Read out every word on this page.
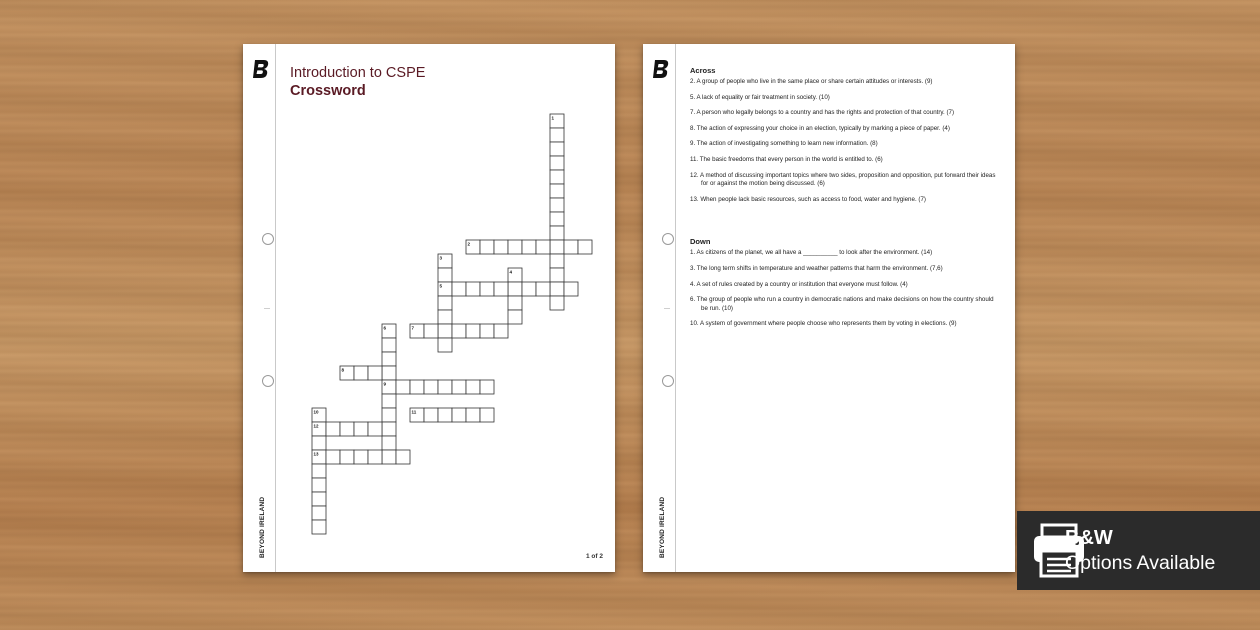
BEYOND IRELAND
Introduction to CSPE
Crossword
1
2
3
4
5
6	7
8
9
10	11
12
13
1 of 2	BEYOND IRELAND
Across
2. A group of people who live in the same place or share certain attitudes or interests. (9)
5. A lack of equality or fair treatment in society. (10)
7. A person who legally belongs to a country and has the rights and protection of that country. (7)
8. The action of expressing your choice in an election, typically by marking a piece of paper. (4)
9. The action of investigating something to learn new information. (8)
11. The basic freedoms that every person in the world is entitled to. (6)
12. A method of discussing important topics where two sides, proposition and opposition, put forward their ideas for or against the motion being discussed. (6)
13. When people lack basic resources, such as access to food, water and hygiene. (7)
Down
1. As citizens of the planet, we all have a __________ to look after the environment. (14)
3. The long term shifts in temperature and weather patterns that harm the environment. (7,6)
4. A set of rules created by a country or institution that everyone must follow. (4)
6. The group of people who run a country in democratic nations and make decisions on how the country should be run. (10)
10. A system of government where people choose who represents them by voting in elections. (9)
B&W
Options Available
